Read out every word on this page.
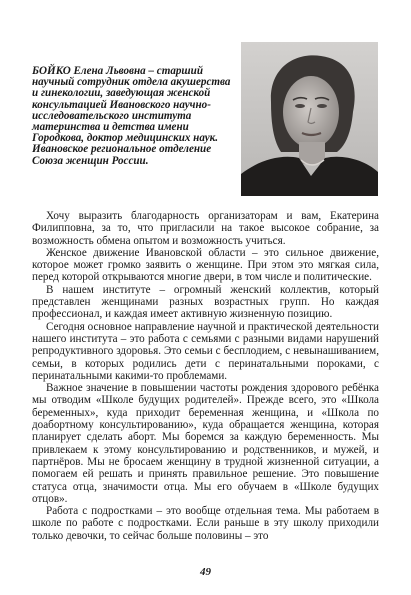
БОЙКО Елена Львовна – старший научный сотрудник отдела акушерства и гинекологии, заведующая женской консультацией Ивановского научно-исследовательского института материнства и детства имени Городкова, доктор медицинских наук. Ивановское региональное отделение Союза женщин России.

Хочу выразить благодарность организаторам и вам, Екатерина Филипповна, за то, что пригласили на такое высокое собрание, за возможность обмена опытом и возможность учиться.

Женское движение Ивановской области – это сильное движение, которое может громко заявить о женщине. При этом это мягкая сила, перед которой открываются многие двери, в том числе и политические.

В нашем институте – огромный женский коллектив, который представлен женщинами разных возрастных групп. Но каждая профессионал, и каждая имеет активную жизненную позицию.

Сегодня основное направление научной и практической деятельности нашего института – это работа с семьями с разными видами нарушений репродуктивного здоровья. Это семьи с бесплодием, с невынашиванием, семьи, в которых родились дети с перинатальными пороками, с перинатальными какими-то проблемами.

Важное значение в повышении частоты рождения здорового ребёнка мы отводим «Школе будущих родителей». Прежде всего, это «Школа беременных», куда приходит беременная женщина, и «Школа по доабортному консультированию», куда обращается женщина, которая планирует сделать аборт. Мы боремся за каждую беременность. Мы привлекаем к этому консультированию и родственников, и мужей, и партнёров. Мы не бросаем женщину в трудной жизненной ситуации, а помогаем ей решать и принять правильное решение. Это повышение статуса отца, значимости отца. Мы его обучаем в «Школе будущих отцов».

Работа с подростками – это вообще отдельная тема. Мы работаем в школе по работе с подростками. Если раньше в эту школу приходили только девочки, то сейчас больше половины – это

49
